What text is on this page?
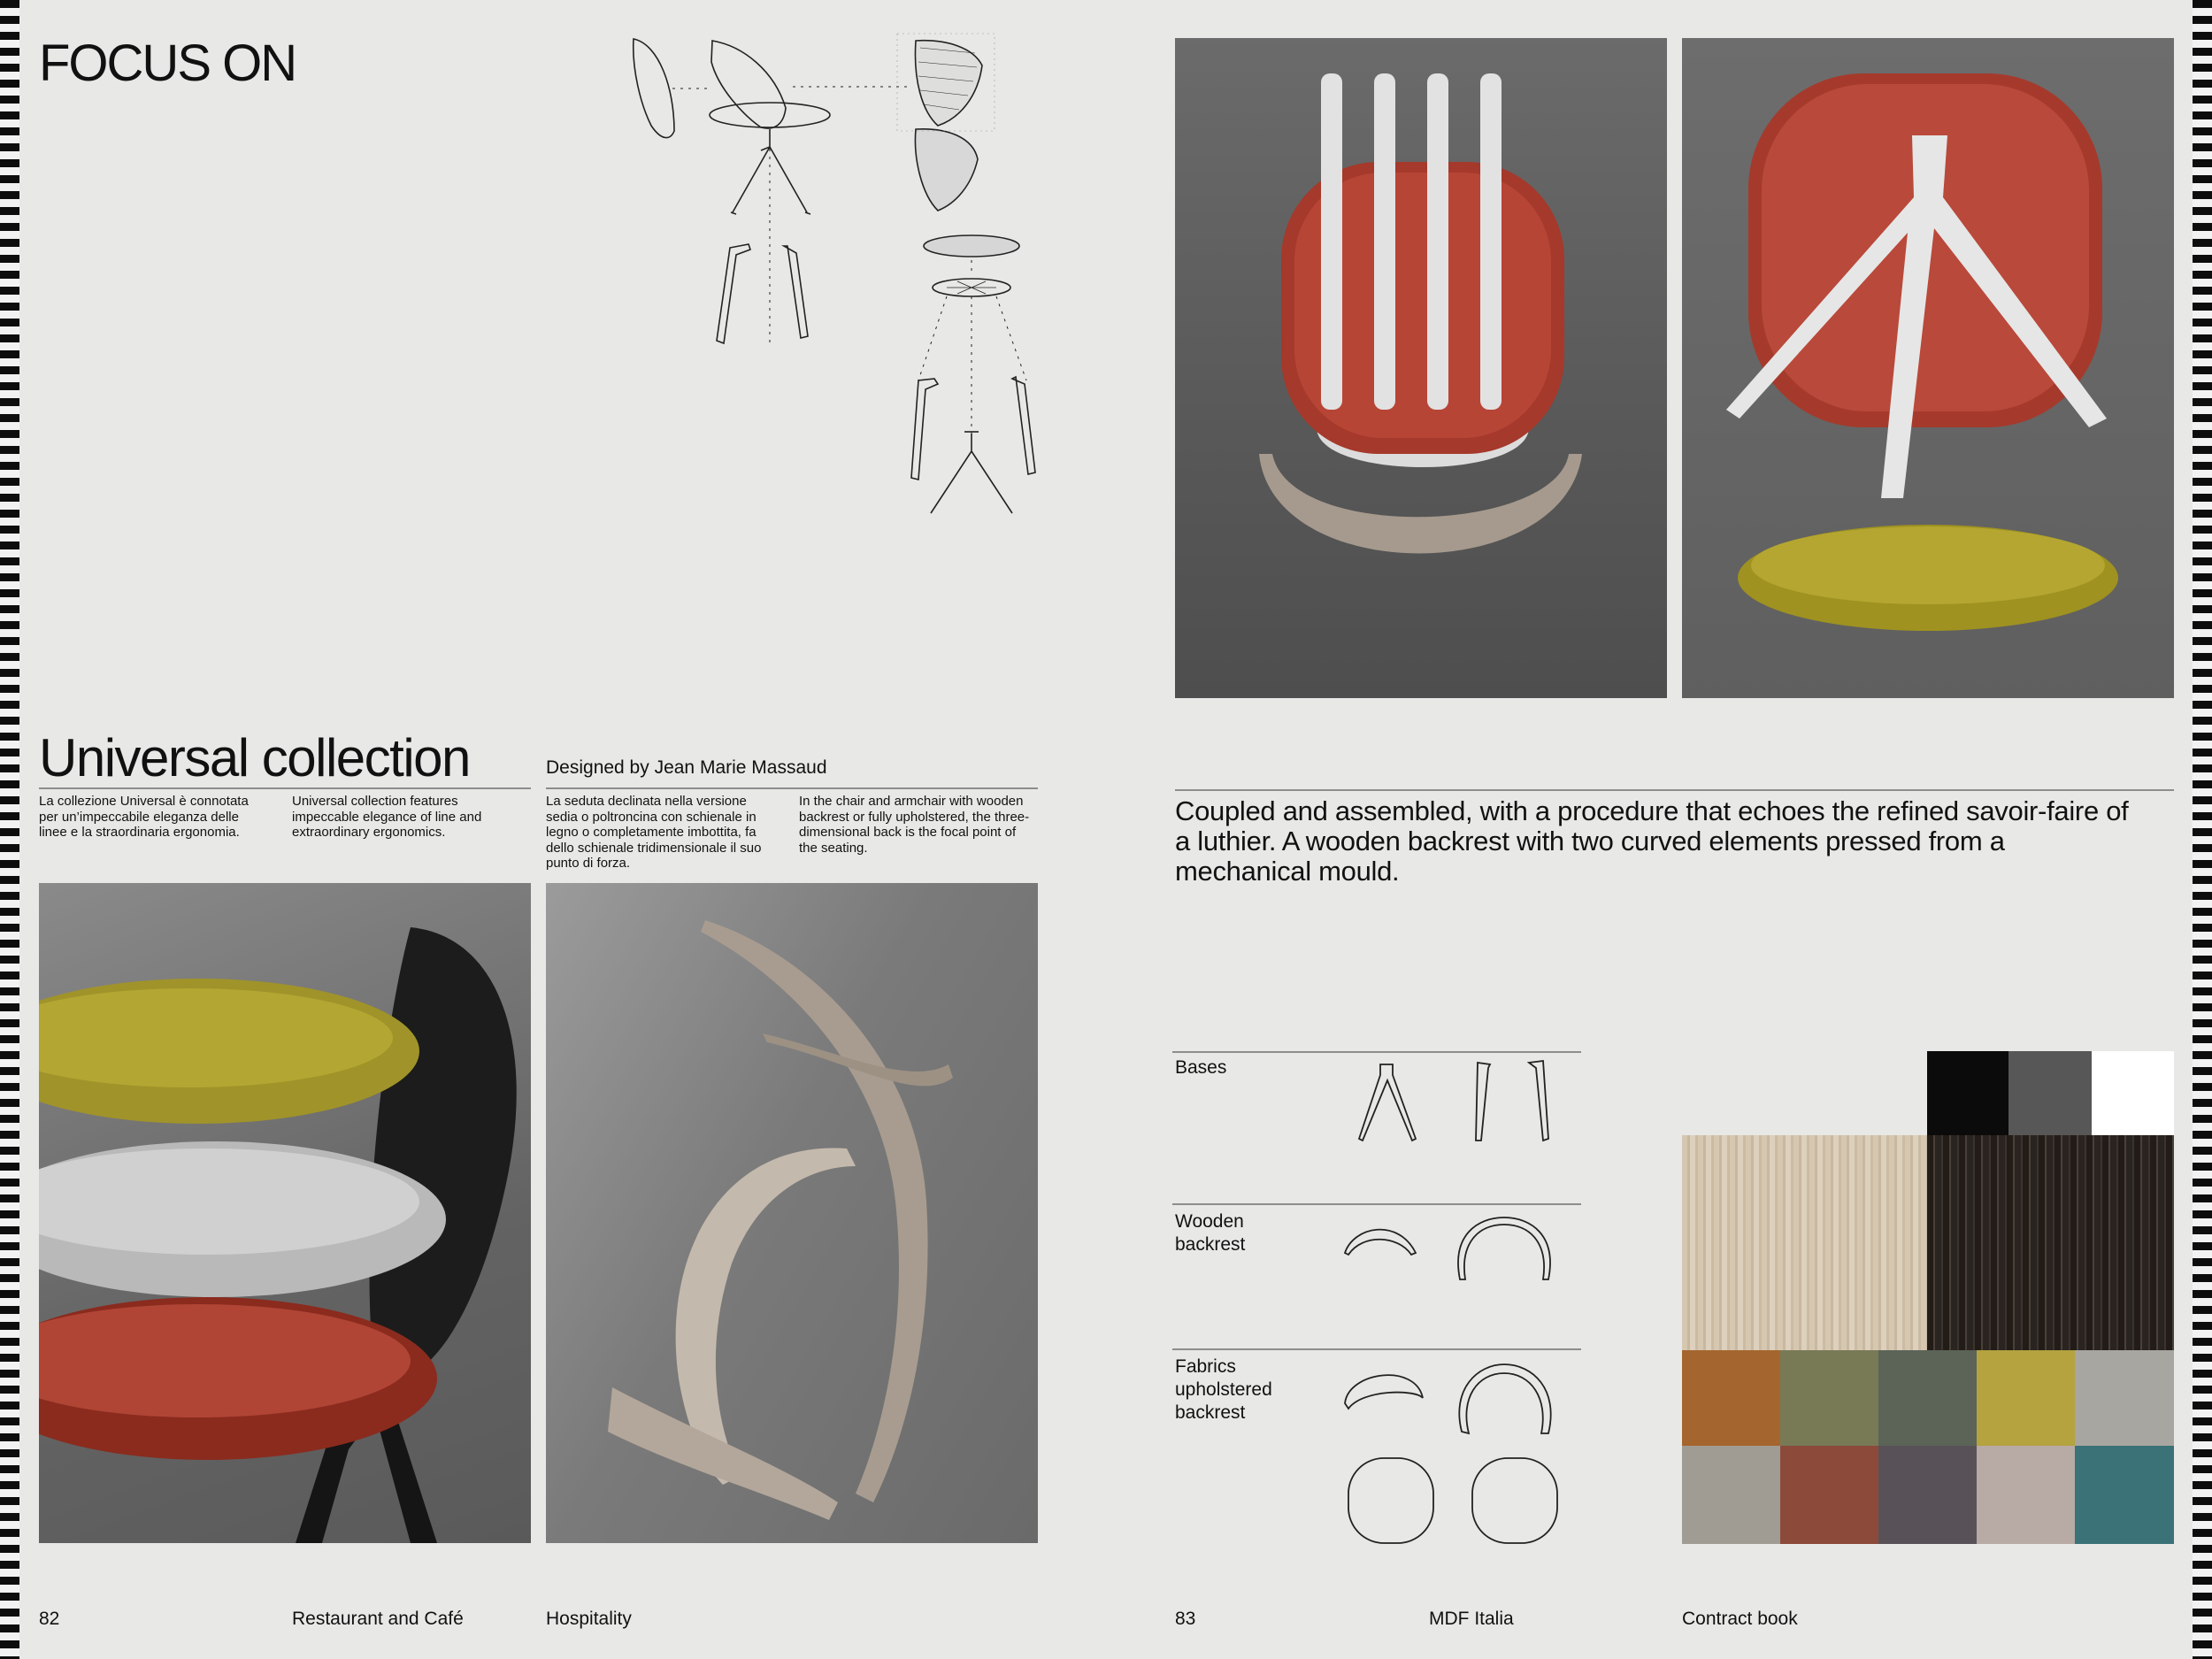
FOCUS ON
Universal collection	Designed by Jean Marie Massaud
La collezione Universal è connotata per un’impeccabile eleganza delle linee e la straordinaria ergonomia.
Universal collection features impeccable elegance of line and extraordinary ergonomics.
La seduta declinata nella versione sedia o poltroncina con schienale in legno o completamente imbottita, fa dello schienale tridimensionale il suo punto di forza.
In the chair and armchair with wooden backrest or fully upholstered, the three-dimensional back is the focal point of the seating.
82	Restaurant and Café	Hospitality
Coupled and assembled, with a procedure that echoes the refined savoir-faire of a luthier. A wooden backrest with two curved elements pressed from a mechanical mould.
Bases
Wooden backrest
Fabrics upholstered backrest
83	MDF Italia	Contract book
